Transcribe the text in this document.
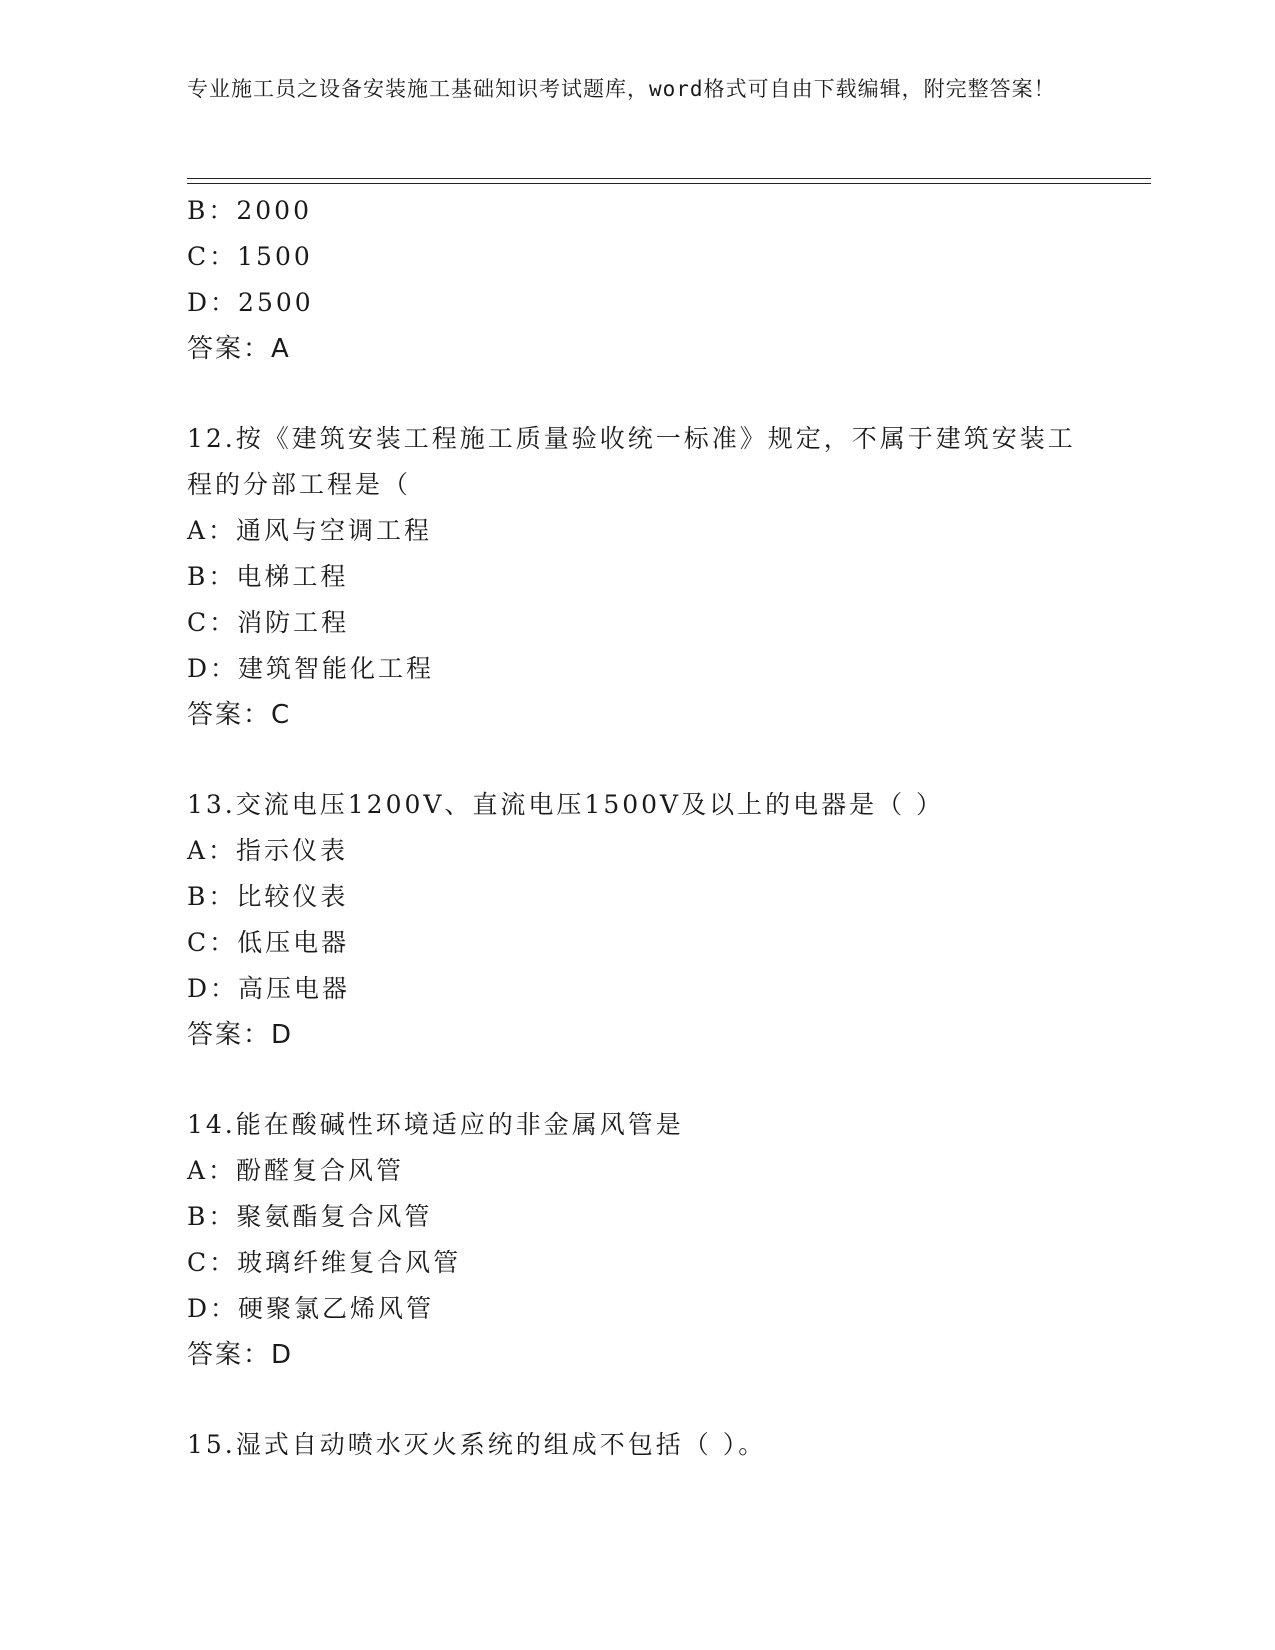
专业施工员之设备安装施工基础知识考试题库，word格式可自由下载编辑，附完整答案！
B：2000
C：1500
D：2500
答案：A
12.按《建筑安装工程施工质量验收统一标准》规定，不属于建筑安装工程的分部工程是（
A：通风与空调工程
B：电梯工程
C：消防工程
D：建筑智能化工程
答案：C
13.交流电压1200V、直流电压1500V及以上的电器是（ ）
A：指示仪表
B：比较仪表
C：低压电器
D：高压电器
答案：D
14.能在酸碱性环境适应的非金属风管是
A：酚醛复合风管
B：聚氨酯复合风管
C：玻璃纤维复合风管
D：硬聚氯乙烯风管
答案：D
15.湿式自动喷水灭火系统的组成不包括（ ）。
